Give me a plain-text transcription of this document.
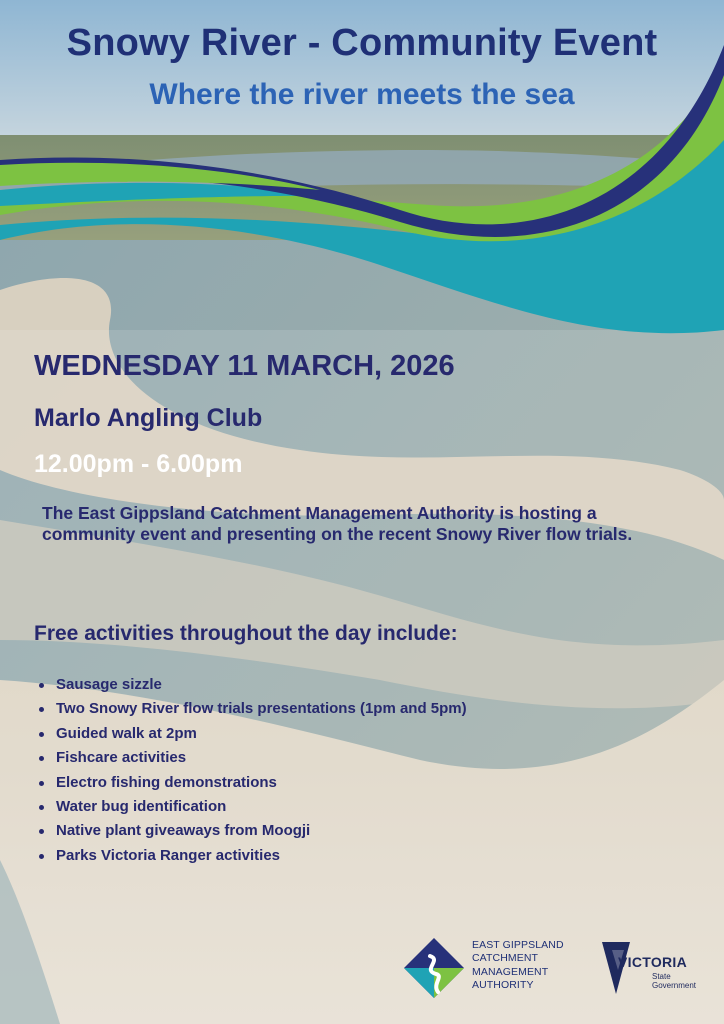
Snowy River - Community Event
Where the river meets the sea

WEDNESDAY 11 MARCH, 2026

Marlo Angling Club

12.00pm - 6.00pm

The East Gippsland Catchment Management Authority is hosting a community event and presenting on the recent Snowy River flow trials.

Free activities throughout the day include:

Sausage sizzle
Two Snowy River flow trials presentations (1pm and 5pm)
Guided walk at 2pm
Fishcare activities
Electro fishing demonstrations
Water bug identification
Native plant giveaways from Moogji
Parks Victoria Ranger activities

EAST GIPPSLAND
CATCHMENT
MANAGEMENT
AUTHORITY

VICTORIA
State
Government
